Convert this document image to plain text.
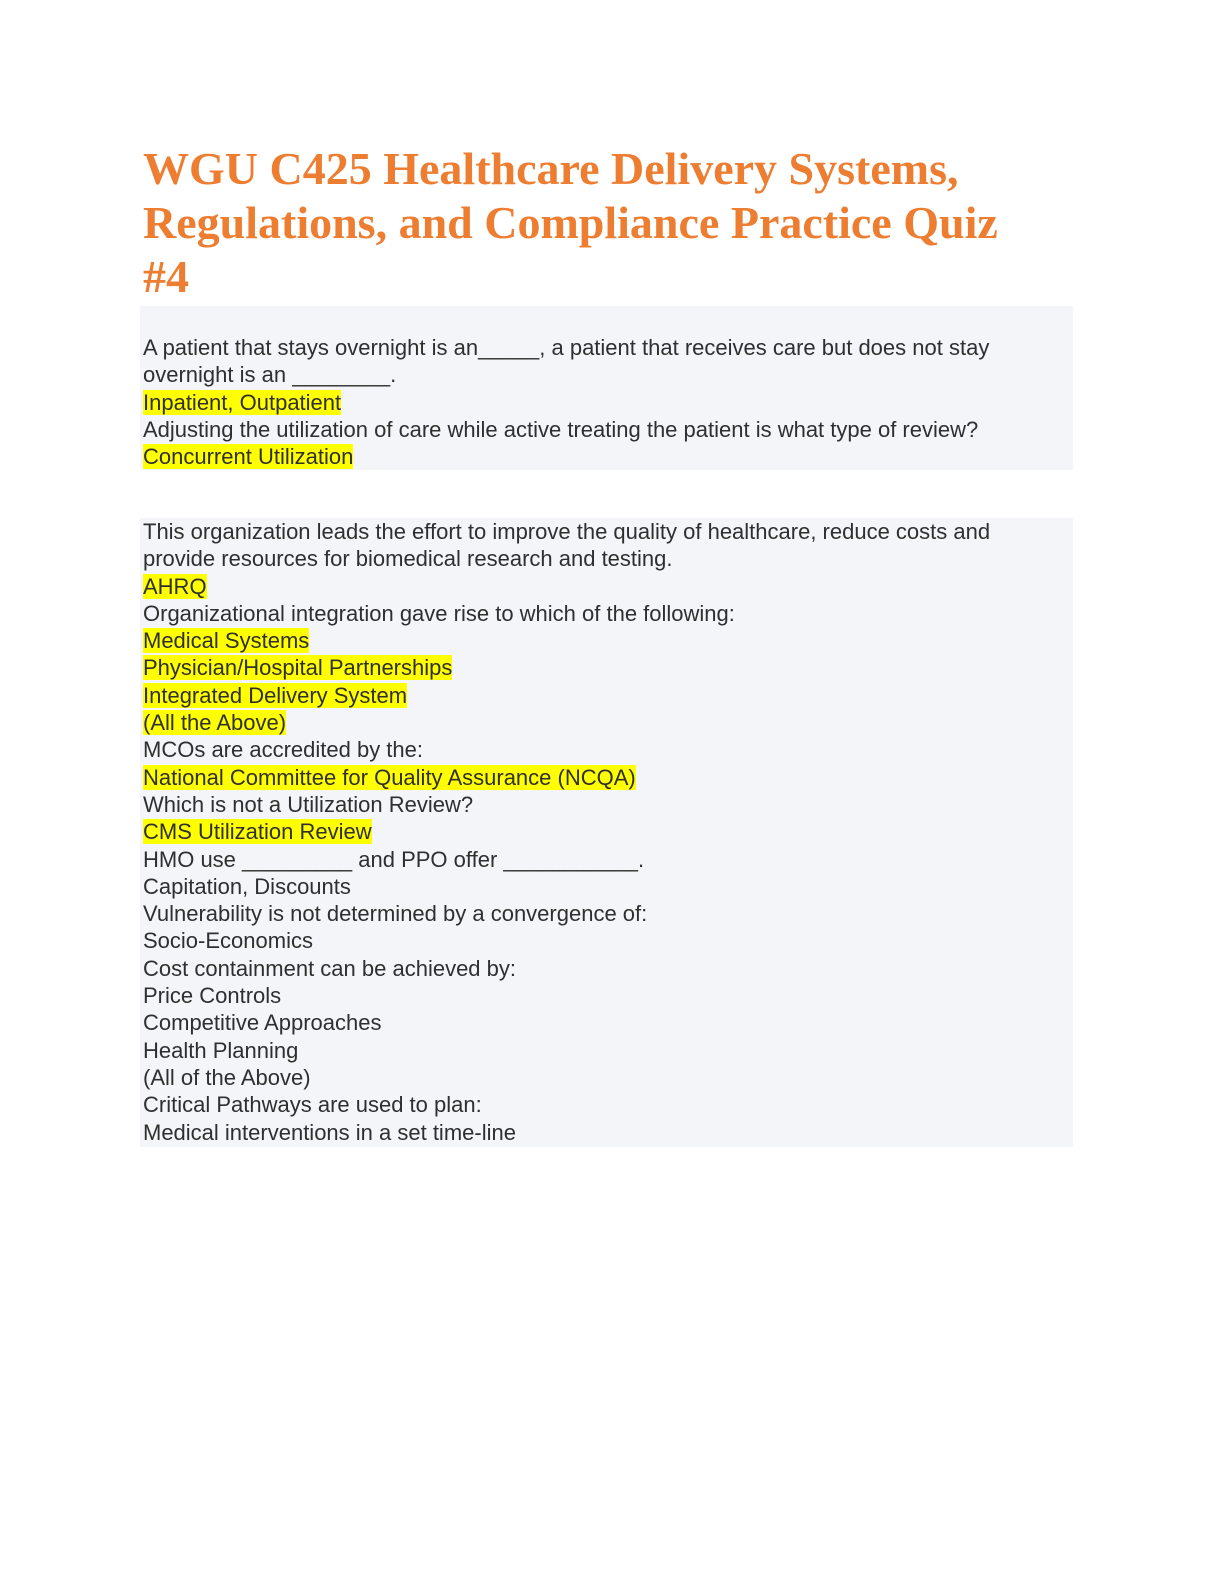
WGU C425 Healthcare Delivery Systems,
Regulations, and Compliance Practice Quiz
#4
A patient that stays overnight is an_____, a patient that receives care but does not stay
overnight is an ________.
Inpatient, Outpatient
Adjusting the utilization of care while active treating the patient is what type of review?
Concurrent Utilization
This organization leads the effort to improve the quality of healthcare, reduce costs and
provide resources for biomedical research and testing.
AHRQ
Organizational integration gave rise to which of the following:
Medical Systems
Physician/Hospital Partnerships
Integrated Delivery System
(All the Above)
MCOs are accredited by the:
National Committee for Quality Assurance (NCQA)
Which is not a Utilization Review?
CMS Utilization Review
HMO use _________ and PPO offer ___________.
Capitation, Discounts
Vulnerability is not determined by a convergence of:
Socio-Economics
Cost containment can be achieved by:
Price Controls
Competitive Approaches
Health Planning
(All of the Above)
Critical Pathways are used to plan:
Medical interventions in a set time-line
